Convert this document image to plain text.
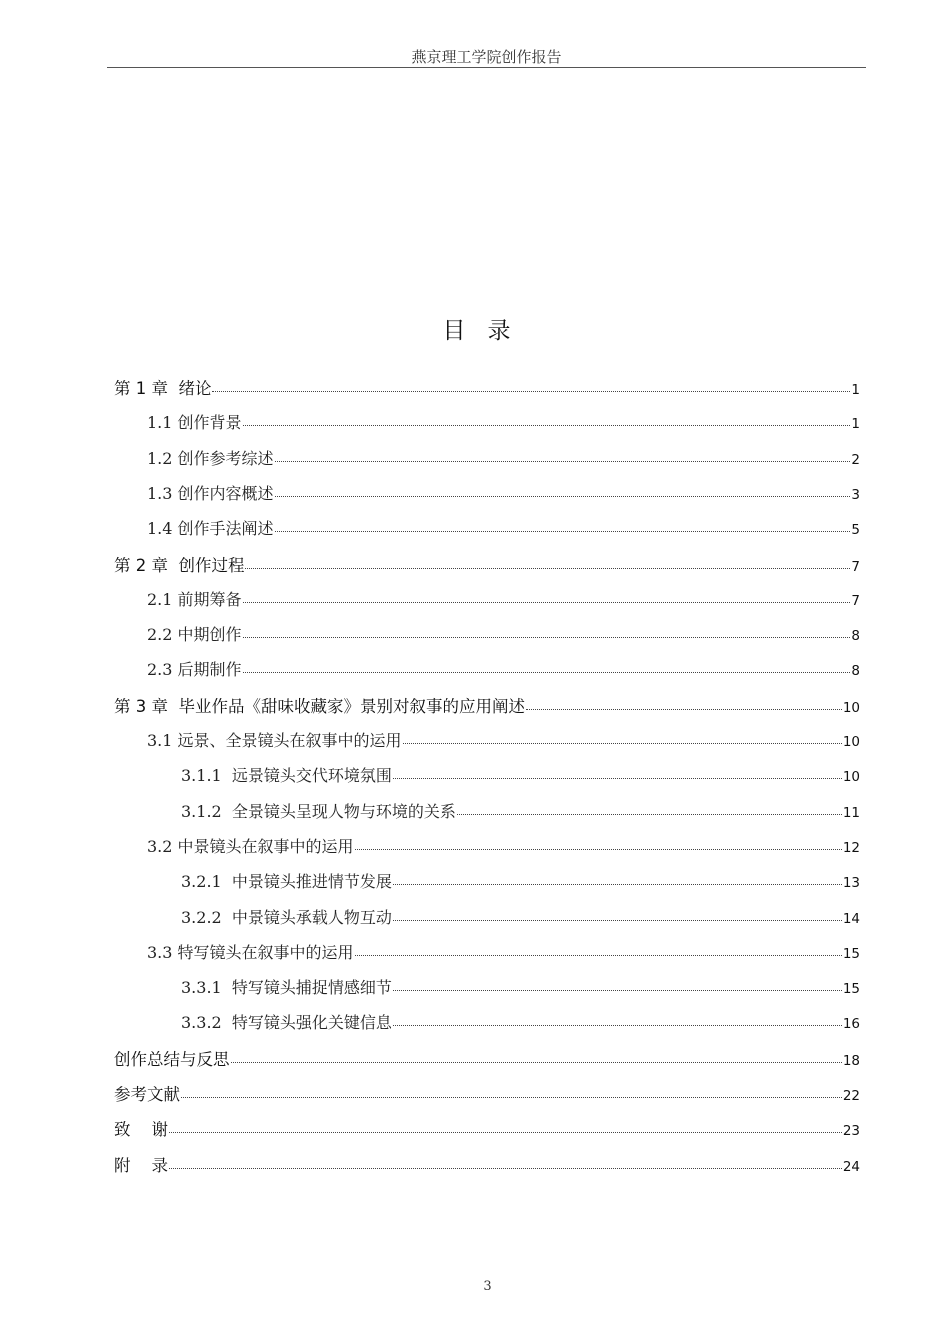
燕京理工学院创作报告
目录
第 1 章  绪论	1
1.1 创作背景	1
1.2 创作参考综述	2
1.3 创作内容概述	3
1.4 创作手法阐述	5
第 2 章  创作过程	7
2.1 前期筹备	7
2.2 中期创作	8
2.3 后期制作	8
第 3 章  毕业作品《甜味收藏家》景别对叙事的应用阐述	10
3.1 远景、全景镜头在叙事中的运用	10
3.1.1  远景镜头交代环境氛围	10
3.1.2  全景镜头呈现人物与环境的关系	11
3.2 中景镜头在叙事中的运用	12
3.2.1  中景镜头推进情节发展	13
3.2.2  中景镜头承载人物互动	14
3.3 特写镜头在叙事中的运用	15
3.3.1  特写镜头捕捉情感细节	15
3.3.2  特写镜头强化关键信息	16
创作总结与反思	18
参考文献	22
致    谢	23
附    录	24
3
